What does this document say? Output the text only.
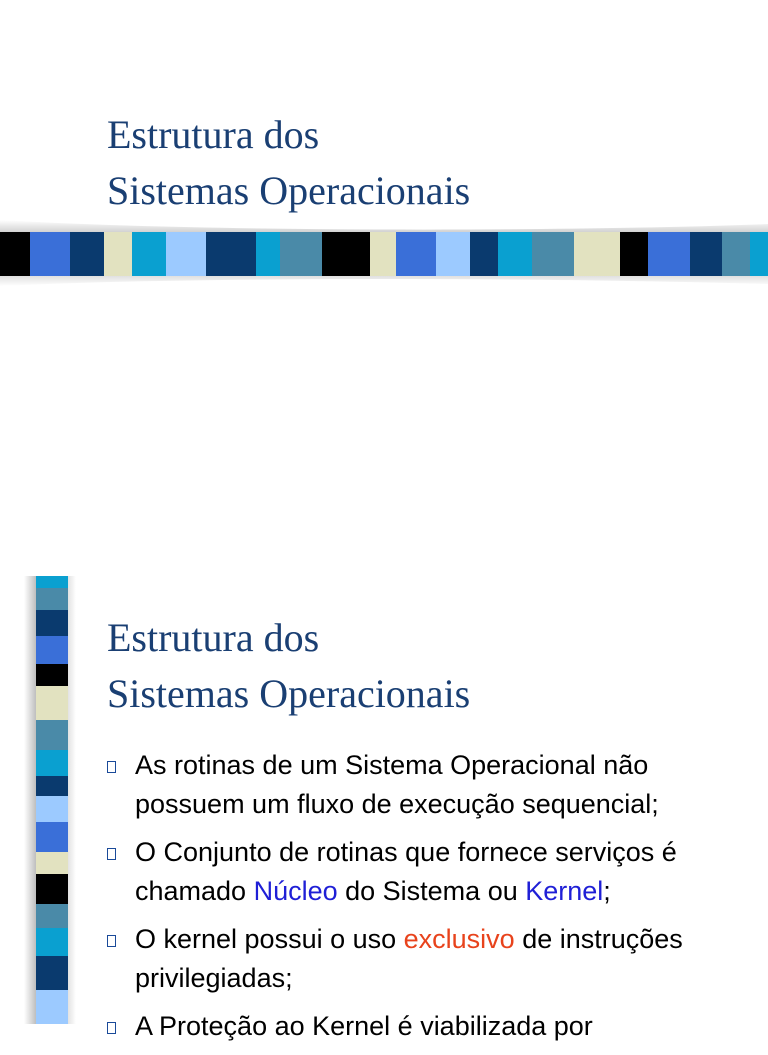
Estrutura dos
Sistemas Operacionais
Estrutura dos
Sistemas Operacionais
As rotinas de um Sistema Operacional não
possuem um fluxo de execução sequencial;
O Conjunto de rotinas que fornece serviços é
chamado Núcleo do Sistema ou Kernel;
O kernel possui o uso exclusivo de instruções
privilegiadas;
A Proteção ao Kernel é viabilizada por
